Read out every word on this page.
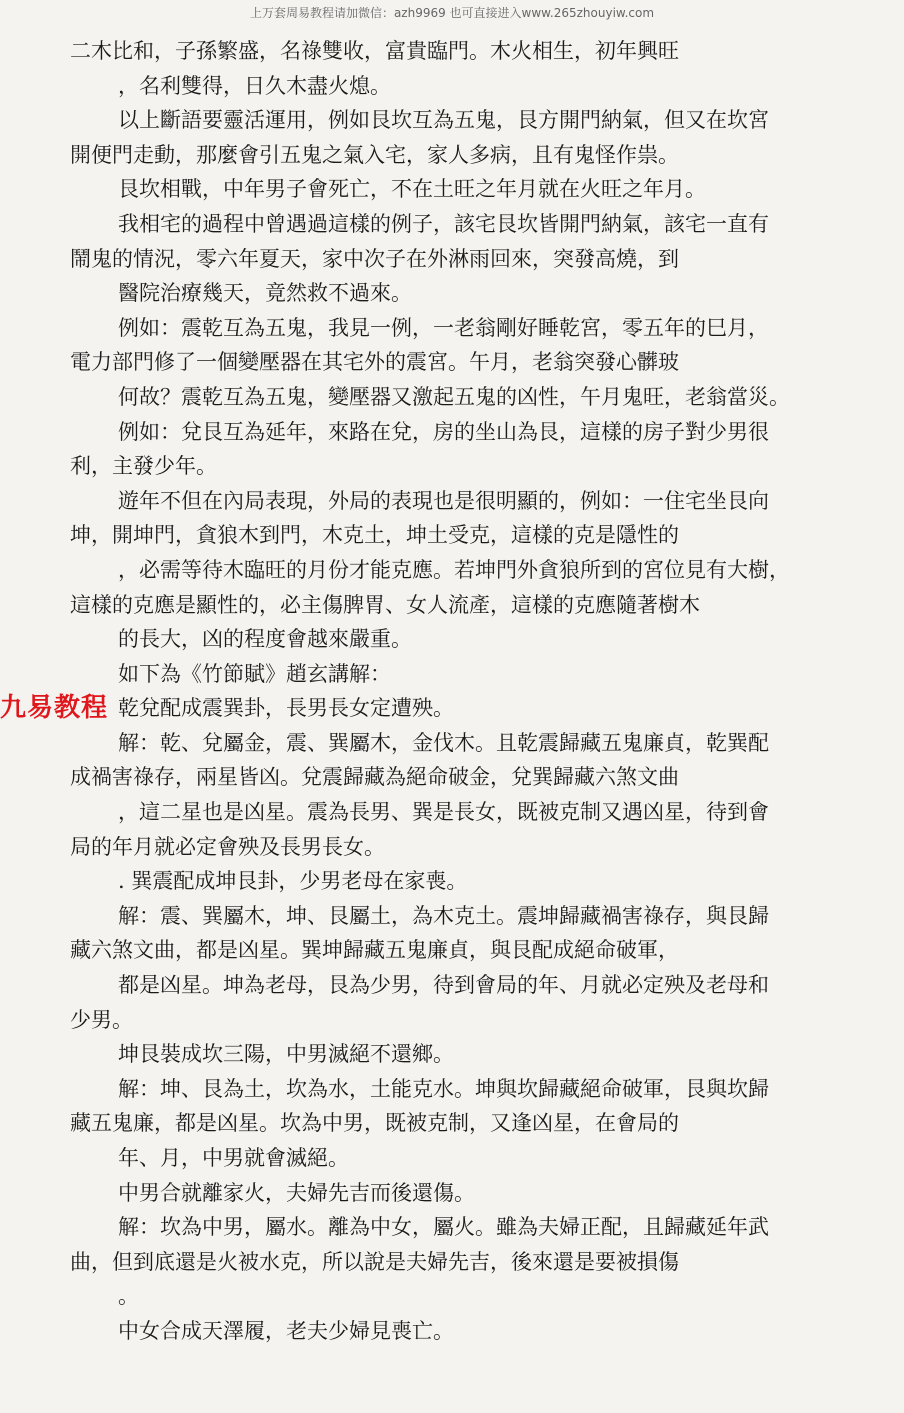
上万套周易教程请加微信：azh9969 也可直接进入www.265zhouyiw.com
九易教程
二木比和，子孫繁盛，名祿雙收，富貴臨門。木火相生，初年興旺
，名利雙得，日久木盡火熄。
以上斷語要靈活運用，例如艮坎互為五鬼，艮方開門納氣，但又在坎宮
開便門走動，那麼會引五鬼之氣入宅，家人多病，且有鬼怪作祟。
艮坎相戰，中年男子會死亡，不在土旺之年月就在火旺之年月。
我相宅的過程中曾遇過這樣的例子，該宅艮坎皆開門納氣，該宅一直有
鬧鬼的情況，零六年夏天，家中次子在外淋雨回來，突發高燒，到
醫院治療幾天，竟然救不過來。
例如：震乾互為五鬼，我見一例，一老翁剛好睡乾宮，零五年的巳月，
電力部門修了一個變壓器在其宅外的震宮。午月，老翁突發心髒玻
何故？震乾互為五鬼，變壓器又激起五鬼的凶性，午月鬼旺，老翁當災。
例如：兌艮互為延年，來路在兌，房的坐山為艮，這樣的房子對少男很
利，主發少年。
遊年不但在內局表現，外局的表現也是很明顯的，例如：一住宅坐艮向
坤，開坤門，貪狼木到門，木克土，坤土受克，這樣的克是隱性的
，必需等待木臨旺的月份才能克應。若坤門外貪狼所到的宮位見有大樹，
這樣的克應是顯性的，必主傷脾胃、女人流產，這樣的克應隨著樹木
的長大，凶的程度會越來嚴重。
如下為《竹節賦》趙玄講解：
乾兌配成震巽卦，長男長女定遭殃。
解：乾、兌屬金，震、巽屬木，金伐木。且乾震歸藏五鬼廉貞，乾巽配
成禍害祿存，兩星皆凶。兌震歸藏為絕命破金，兌巽歸藏六煞文曲
，這二星也是凶星。震為長男、巽是長女，既被克制又遇凶星，待到會
局的年月就必定會殃及長男長女。
. 巽震配成坤艮卦，少男老母在家喪。
解：震、巽屬木，坤、艮屬土，為木克土。震坤歸藏禍害祿存，與艮歸
藏六煞文曲，都是凶星。巽坤歸藏五鬼廉貞，與艮配成絕命破軍，
都是凶星。坤為老母，艮為少男，待到會局的年、月就必定殃及老母和
少男。
坤艮裝成坎三陽，中男滅絕不還鄉。
解：坤、艮為土，坎為水，土能克水。坤與坎歸藏絕命破軍，艮與坎歸
藏五鬼廉，都是凶星。坎為中男，既被克制，又逢凶星，在會局的
年、月，中男就會滅絕。
中男合就離家火，夫婦先吉而後還傷。
解：坎為中男，屬水。離為中女，屬火。雖為夫婦正配，且歸藏延年武
曲，但到底還是火被水克，所以說是夫婦先吉，後來還是要被損傷
。
中女合成天澤履，老夫少婦見喪亡。
